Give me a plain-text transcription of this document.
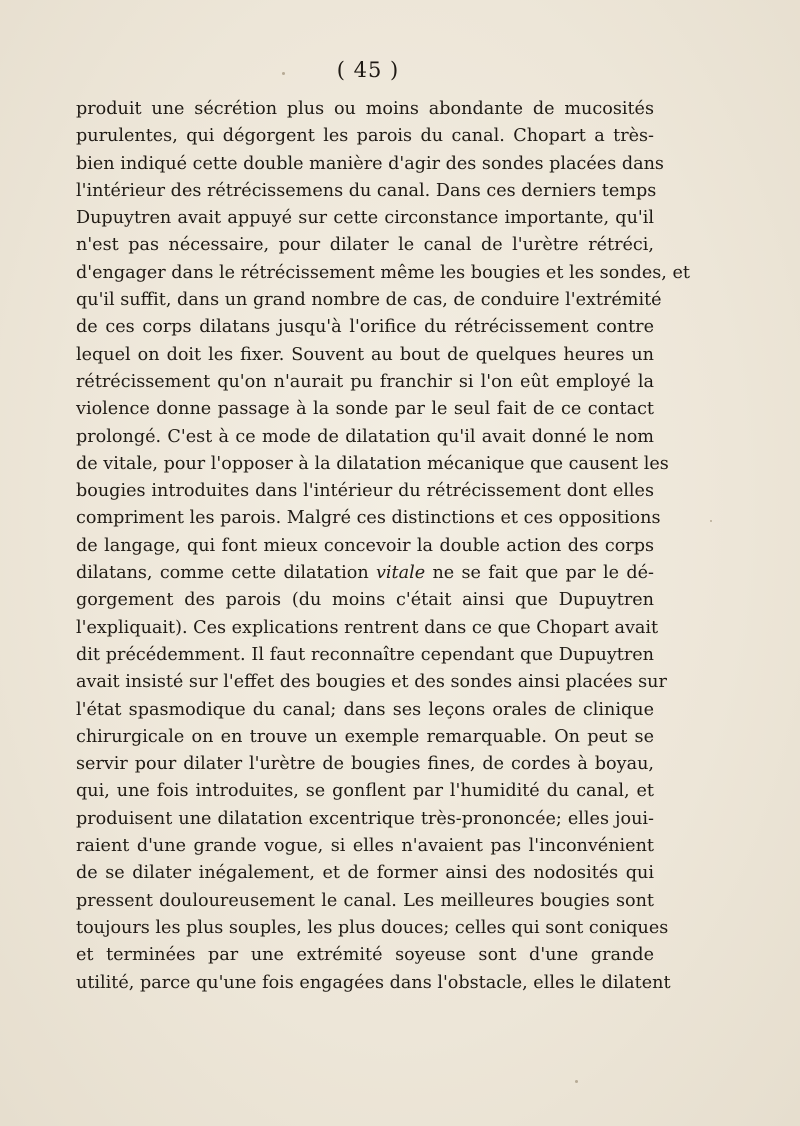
( 45 )
produit une sécrétion plus ou moins abondante de mucosités
purulentes, qui dégorgent les parois du canal. Chopart a très-
bien indiqué cette double manière d'agir des sondes placées dans
l'intérieur des rétrécissemens du canal. Dans ces derniers temps
Dupuytren avait appuyé sur cette circonstance importante, qu'il
n'est pas nécessaire, pour dilater le canal de l'urètre rétréci,
d'engager dans le rétrécissement même les bougies et les sondes, et
qu'il suffit, dans un grand nombre de cas, de conduire l'extrémité
de ces corps dilatans jusqu'à l'orifice du rétrécissement contre
lequel on doit les fixer. Souvent au bout de quelques heures un
rétrécissement qu'on n'aurait pu franchir si l'on eût employé la
violence donne passage à la sonde par le seul fait de ce contact
prolongé. C'est à ce mode de dilatation qu'il avait donné le nom
de vitale, pour l'opposer à la dilatation mécanique que causent les
bougies introduites dans l'intérieur du rétrécissement dont elles
compriment les parois. Malgré ces distinctions et ces oppositions
de langage, qui font mieux concevoir la double action des corps
dilatans, comme cette dilatation vitale ne se fait que par le dé-
gorgement des parois (du moins c'était ainsi que Dupuytren
l'expliquait). Ces explications rentrent dans ce que Chopart avait
dit précédemment. Il faut reconnaître cependant que Dupuytren
avait insisté sur l'effet des bougies et des sondes ainsi placées sur
l'état spasmodique du canal; dans ses leçons orales de clinique
chirurgicale on en trouve un exemple remarquable. On peut se
servir pour dilater l'urètre de bougies fines, de cordes à boyau,
qui, une fois introduites, se gonflent par l'humidité du canal, et
produisent une dilatation excentrique très-prononcée; elles joui-
raient d'une grande vogue, si elles n'avaient pas l'inconvénient
de se dilater inégalement, et de former ainsi des nodosités qui
pressent douloureusement le canal. Les meilleures bougies sont
toujours les plus souples, les plus douces; celles qui sont coniques
et terminées par une extrémité soyeuse sont d'une grande
utilité, parce qu'une fois engagées dans l'obstacle, elles le dilatent
